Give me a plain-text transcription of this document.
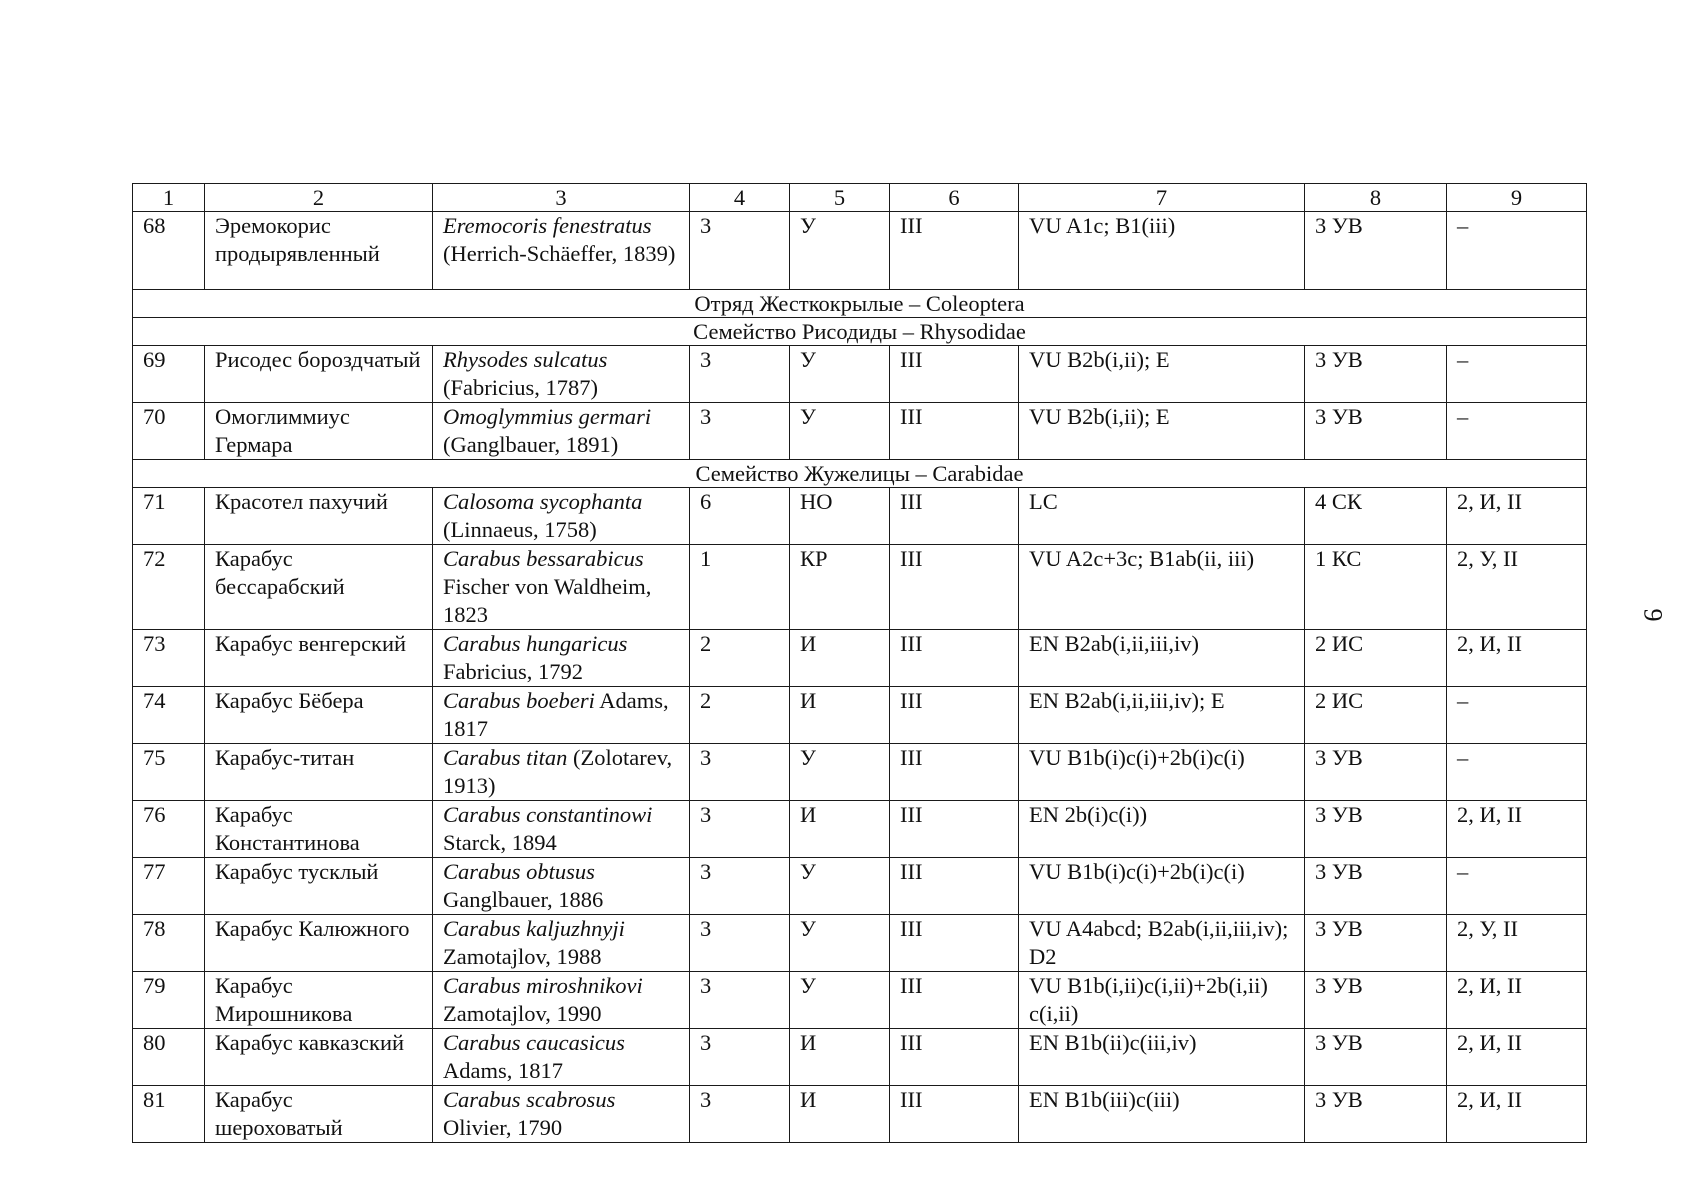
1	2	3	4	5	6	7	8	9
68	Эремокорис продырявленный	Eremocoris fenestratus (Herrich-Schäeffer, 1839)	3	У	III	VU A1c; B1(iii)	3 УВ	–
Отряд Жесткокрылые – Coleoptera								
Семейство Рисодиды – Rhysodidae								
69	Рисодес бороздчатый	Rhysodes sulcatus (Fabricius, 1787)	3	У	III	VU B2b(i,ii); E	3 УВ	–
70	Омоглиммиус Гермара	Omoglymmius germari (Ganglbauer, 1891)	3	У	III	VU B2b(i,ii); E	3 УВ	–
Семейство Жужелицы – Carabidae								
71	Красотел пахучий	Calosoma sycophanta (Linnaeus, 1758)	6	НО	III	LC	4 СК	2, И, II
72	Карабус бессарабский	Carabus bessarabicus Fischer von Waldheim, 1823	1	КР	III	VU A2c+3c; B1ab(ii, iii)	1 КС	2, У, II
73	Карабус венгерский	Carabus hungaricus Fabricius, 1792	2	И	III	EN B2ab(i,ii,iii,iv)	2 ИС	2, И, II
74	Карабус Бёбера	Carabus boeberi Adams, 1817	2	И	III	EN B2ab(i,ii,iii,iv); E	2 ИС	–
75	Карабус-титан	Carabus titan (Zolotarev, 1913)	3	У	III	VU B1b(i)c(i)+2b(i)c(i)	3 УВ	–
76	Карабус Константинова	Carabus constantinowi Starck, 1894	3	И	III	EN 2b(i)c(i))	3 УВ	2, И, II
77	Карабус тусклый	Carabus obtusus Ganglbauer, 1886	3	У	III	VU B1b(i)c(i)+2b(i)c(i)	3 УВ	–
78	Карабус Калюжного	Carabus kaljuzhnyji Zamotajlov, 1988	3	У	III	VU A4abcd; B2ab(i,ii,iii,iv); D2	3 УВ	2, У, II
79	Карабус Мирошникова	Carabus miroshnikovi Zamotajlov, 1990	3	У	III	VU B1b(i,ii)c(i,ii)+2b(i,ii) c(i,ii)	3 УВ	2, И, II
80	Карабус кавказский	Carabus caucasicus Adams, 1817	3	И	III	EN B1b(ii)c(iii,iv)	3 УВ	2, И, II
81	Карабус шероховатый	Carabus scabrosus Olivier, 1790	3	И	III	EN B1b(iii)c(iii)	3 УВ	2, И, II
9
